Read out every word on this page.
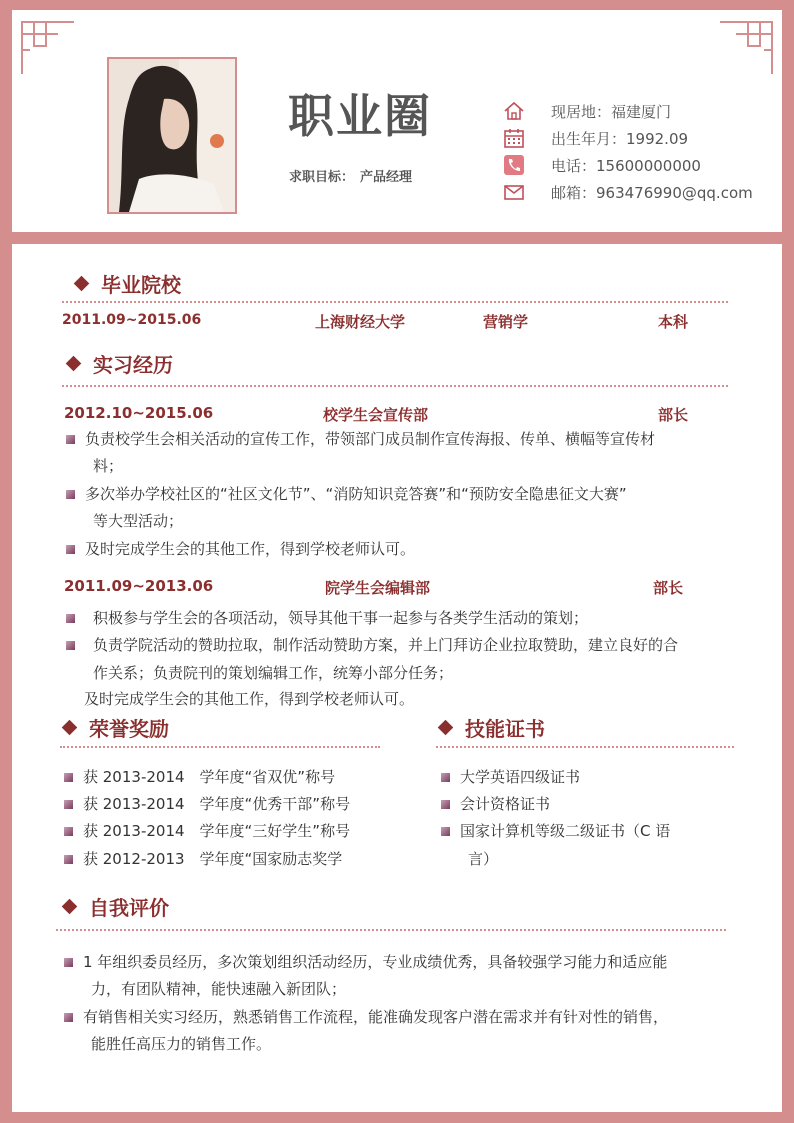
职业圈
求职目标： 产品经理
现居地：福建厦门
出生年月：1992.09
电话：15600000000
邮箱：963476990@qq.com
毕业院校
2011.09~2015.06	上海财经大学	营销学	本科
实习经历
2012.10~2015.06	校学生会宣传部	部长
负责校学生会相关活动的宣传工作，带领部门成员制作宣传海报、传单、横幅等宣传材
料；
多次举办学校社区的“社区文化节”、“消防知识竞答赛”和“预防安全隐患征文大赛”
等大型活动；
及时完成学生会的其他工作，得到学校老师认可。
2011.09~2013.06	院学生会编辑部	部长
积极参与学生会的各项活动，领导其他干事一起参与各类学生活动的策划；
负责学院活动的赞助拉取，制作活动赞助方案，并上门拜访企业拉取赞助，建立良好的合
作关系；负责院刊的策划编辑工作，统筹小部分任务；
及时完成学生会的其他工作，得到学校老师认可。
荣誉奖励
获 2013-2014　学年度“省双优”称号
获 2013-2014　学年度“优秀干部”称号
获 2013-2014　学年度“三好学生”称号
获 2012-2013　学年度“国家励志奖学
技能证书
大学英语四级证书
会计资格证书
国家计算机等级二级证书（C 语
言）
自我评价
1 年组织委员经历，多次策划组织活动经历，专业成绩优秀，具备较强学习能力和适应能
力，有团队精神，能快速融入新团队；
有销售相关实习经历，熟悉销售工作流程，能准确发现客户潜在需求并有针对性的销售，
能胜任高压力的销售工作。
